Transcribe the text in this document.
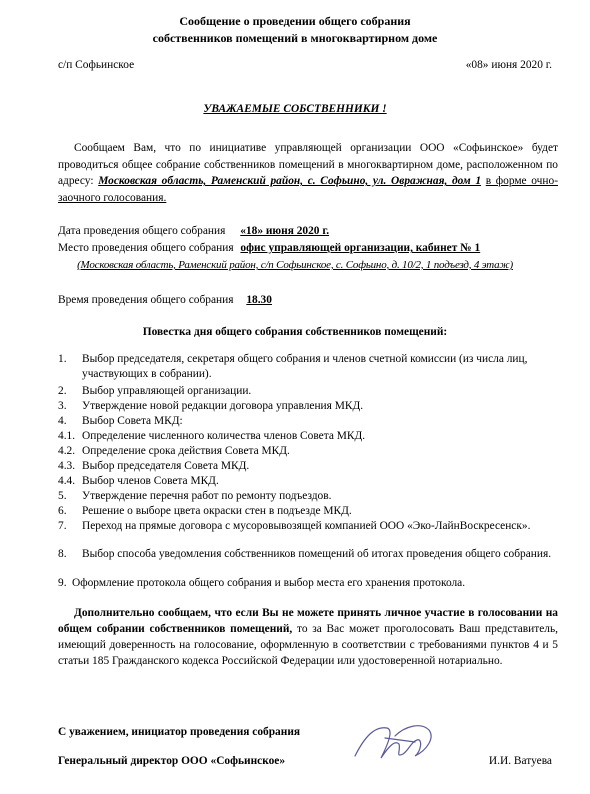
Сообщение о проведении общего собрания
собственников помещений в многоквартирном доме
с/п Софьинское	«08» июня 2020 г.
УВАЖАЕМЫЕ СОБСТВЕННИКИ !
Сообщаем Вам, что по инициативе управляющей организации ООО «Софьинское» будет проводиться общее собрание собственников помещений в многоквартирном доме, расположенном по адресу: Московская область, Раменский район, с. Софьино, ул. Овражная, дом 1 в форме очно-заочного голосования.
Дата проведения общего собрания «18» июня 2020 г.
Место проведения общего собрания офис управляющей организации, кабинет № 1
(Московская область, Раменский район, с/п Софьинское, с. Софьино, д. 10/2, 1 подъезд, 4 этаж)
Время проведения общего собрания 18.30
Повестка дня общего собрания собственников помещений:
1. Выбор председателя, секретаря общего собрания и членов счетной комиссии (из числа лиц, участвующих в собрании).
2. Выбор управляющей организации.
3. Утверждение новой редакции договора управления МКД.
4. Выбор Совета МКД:
4.1. Определение численного количества членов Совета МКД.
4.2. Определение срока действия Совета МКД.
4.3. Выбор председателя Совета МКД.
4.4. Выбор членов Совета МКД.
5. Утверждение перечня работ по ремонту подъездов.
6. Решение о выборе цвета окраски стен в подъезде МКД.
7. Переход на прямые договора с мусоровывозящей компанией ООО «Эко-ЛайнВоскресенск».
8. Выбор способа уведомления собственников помещений об итогах проведения общего собрания.
9. Оформление протокола общего собрания и выбор места его хранения протокола.
Дополнительно сообщаем, что если Вы не можете принять личное участие в голосовании на общем собрании собственников помещений, то за Вас может проголосовать Ваш представитель, имеющий доверенность на голосование, оформленную в соответствии с требованиями пунктов 4 и 5 статьи 185 Гражданского кодекса Российской Федерации или удостоверенной нотариально.
С уважением, инициатор проведения собрания
Генеральный директор ООО «Софьинское»	И.И. Ватуева
